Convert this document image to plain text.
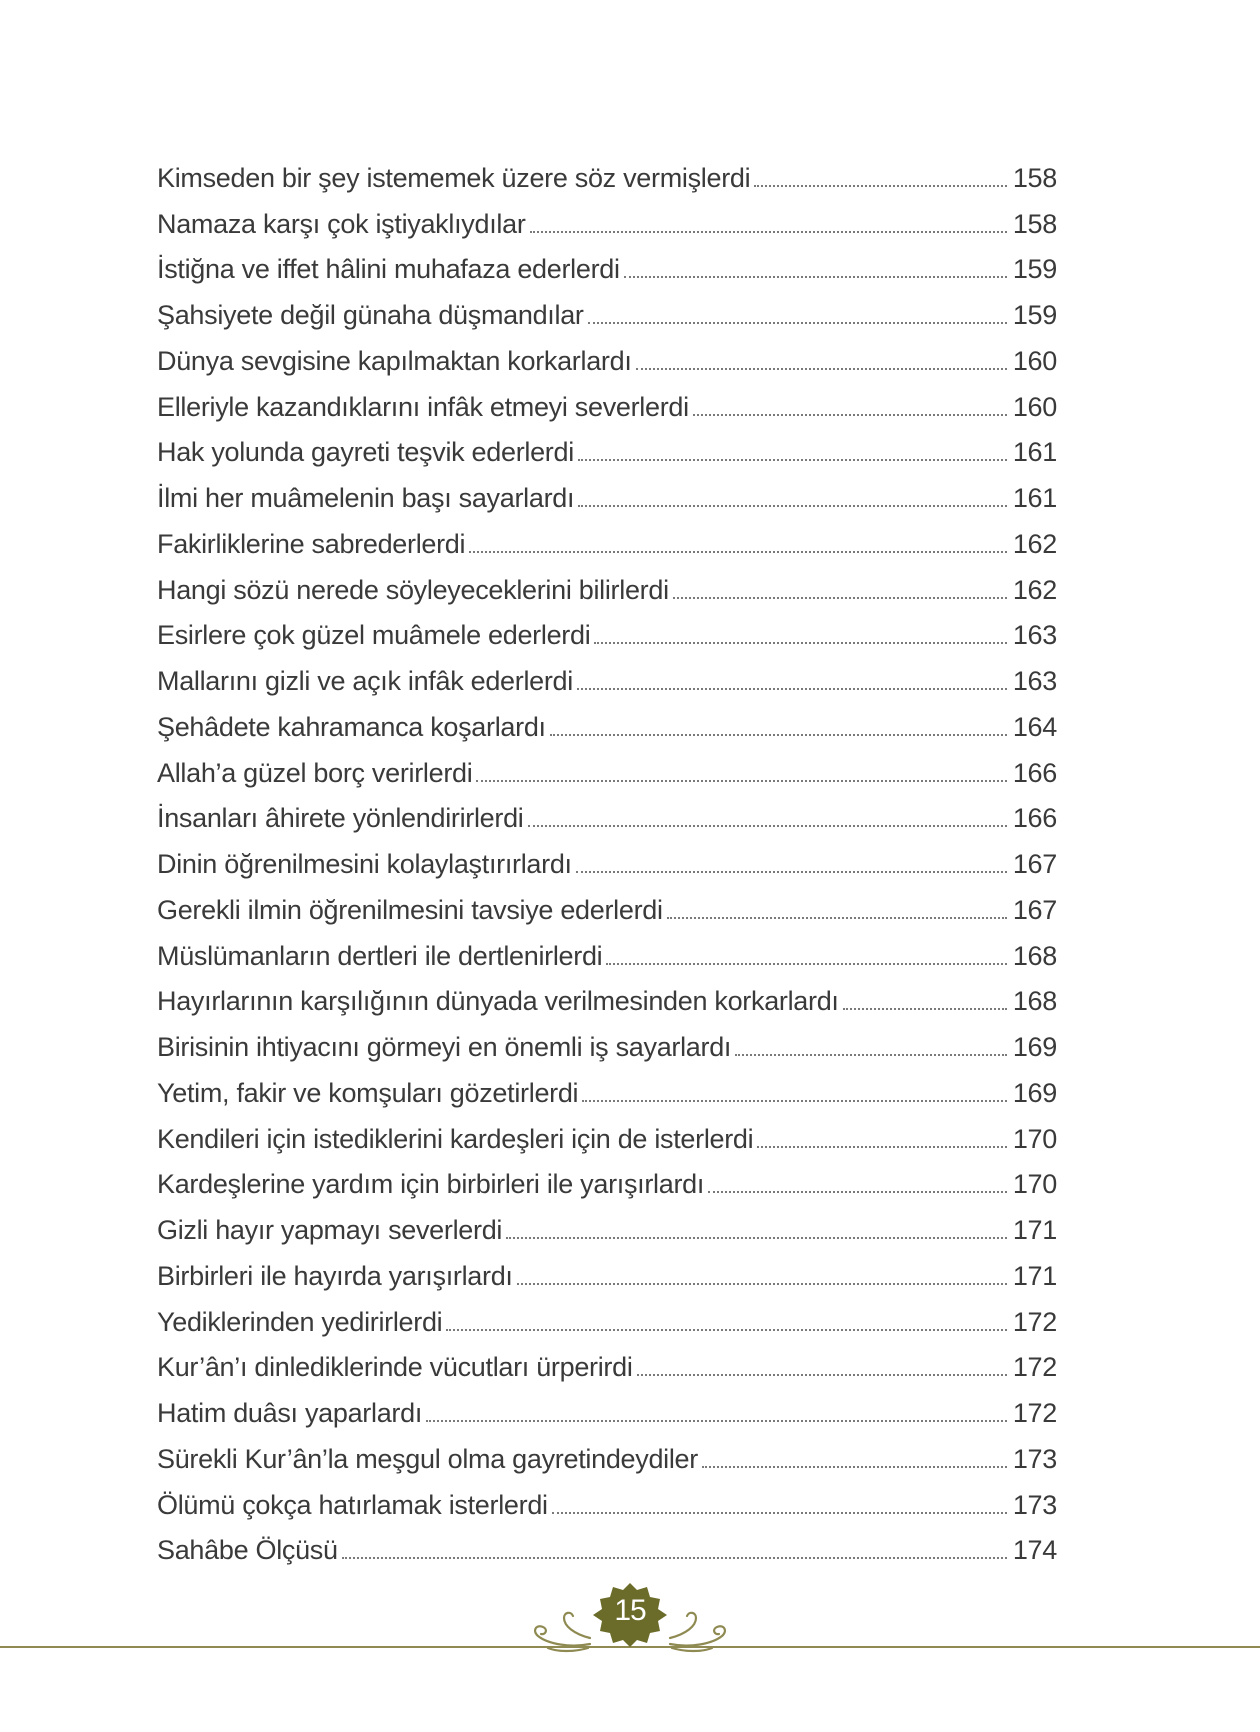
Kimseden bir şey istememek üzere söz vermişlerdi	158
Namaza karşı çok iştiyaklıydılar	158
İstiğna ve iffet hâlini muhafaza ederlerdi	159
Şahsiyete değil günaha düşmandılar	159
Dünya sevgisine kapılmaktan korkarlardı	160
Elleriyle kazandıklarını infâk etmeyi severlerdi	160
Hak yolunda gayreti teşvik ederlerdi	161
İlmi her muâmelenin başı sayarlardı	161
Fakirliklerine sabrederlerdi	162
Hangi sözü nerede söyleyeceklerini bilirlerdi	162
Esirlere çok güzel muâmele ederlerdi	163
Mallarını gizli ve açık infâk ederlerdi	163
Şehâdete kahramanca koşarlardı	164
Allah’a güzel borç verirlerdi	166
İnsanları âhirete yönlendirirlerdi	166
Dinin öğrenilmesini kolaylaştırırlardı	167
Gerekli ilmin öğrenilmesini tavsiye ederlerdi	167
Müslümanların dertleri ile dertlenirlerdi	168
Hayırlarının karşılığının dünyada verilmesinden korkarlardı	168
Birisinin ihtiyacını görmeyi en önemli iş sayarlardı	169
Yetim, fakir ve komşuları gözetirlerdi	169
Kendileri için istediklerini kardeşleri için de isterlerdi	170
Kardeşlerine yardım için birbirleri ile yarışırlardı	170
Gizli hayır yapmayı severlerdi	171
Birbirleri ile hayırda yarışırlardı	171
Yediklerinden yedirirlerdi	172
Kur’ân’ı dinlediklerinde vücutları ürperirdi	172
Hatim duâsı yaparlardı	172
Sürekli Kur’ân’la meşgul olma gayretindeydiler	173
Ölümü çokça hatırlamak isterlerdi	173
Sahâbe Ölçüsü	174
15
